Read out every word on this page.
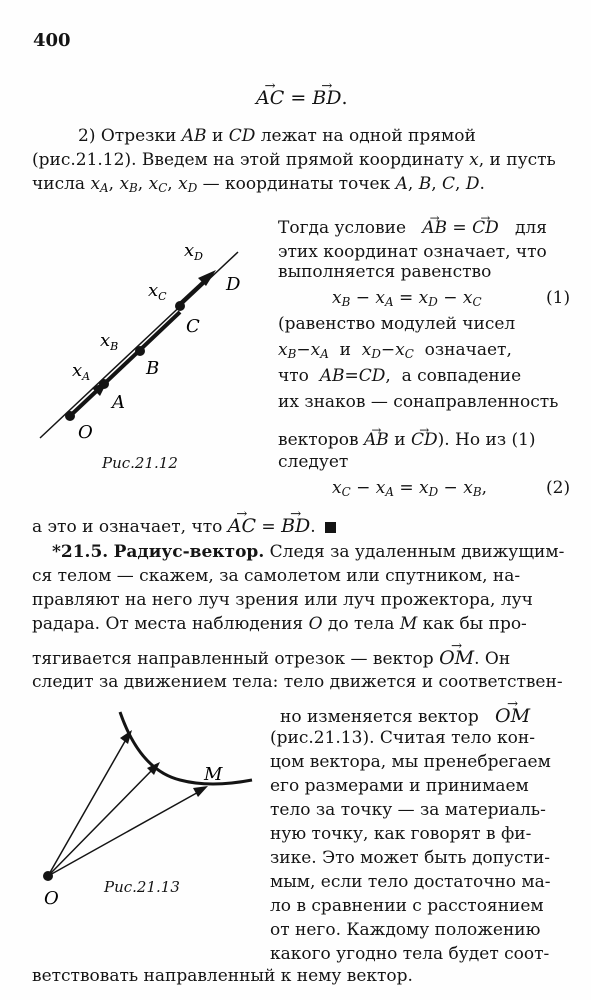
400
→ AC = → BD.
2) Отрезки AB и CD лежат на одной прямой
(рис.21.12). Введем на этой прямой координату x, и пусть
числа $x_A$, $x_B$, $x_C$, $x_D$ — координаты точек A, B, C, D.
O
A
B
C
D
$x_A$
$x_B$
$x_C$
$x_D$
Рис.21.12
Тогда условие → AB = → CD для
этих координат означает, что
выполняется равенство
$x_B - x_A = x_D - x_C$	(1)
(равенство модулей чисел
$x_B-x_A$  и  $x_D-x_C$  означает,
что  AB=CD,  а совпадение
их знаков — сонаправленность
векторов → AB и → CD). Но из (1)
следует
$x_C - x_A = x_D - x_B$,	(2)
а это и означает, что → AC = → BD.
*21.5. Радиус-вектор. Следя за удаленным движущим-
ся телом — скажем, за самолетом или спутником, на-
правляют на него луч зрения или луч прожектора, луч
радара. От места наблюдения O до тела M как бы про-
тягивается направленный отрезок — вектор → OM. Он
следит за движением тела: тело движется и соответствен-
O
M
Рис.21.13
но изменяется вектор → OM
(рис.21.13). Считая тело кон-
цом вектора, мы пренебрегаем
его размерами и принимаем
тело за точку — за материаль-
ную точку, как говорят в фи-
зике. Это может быть допусти-
мым, если тело достаточно ма-
ло в сравнении с расстоянием
от него. Каждому положению
какого угодно тела будет соот-
ветствовать направленный к нему вектор.
